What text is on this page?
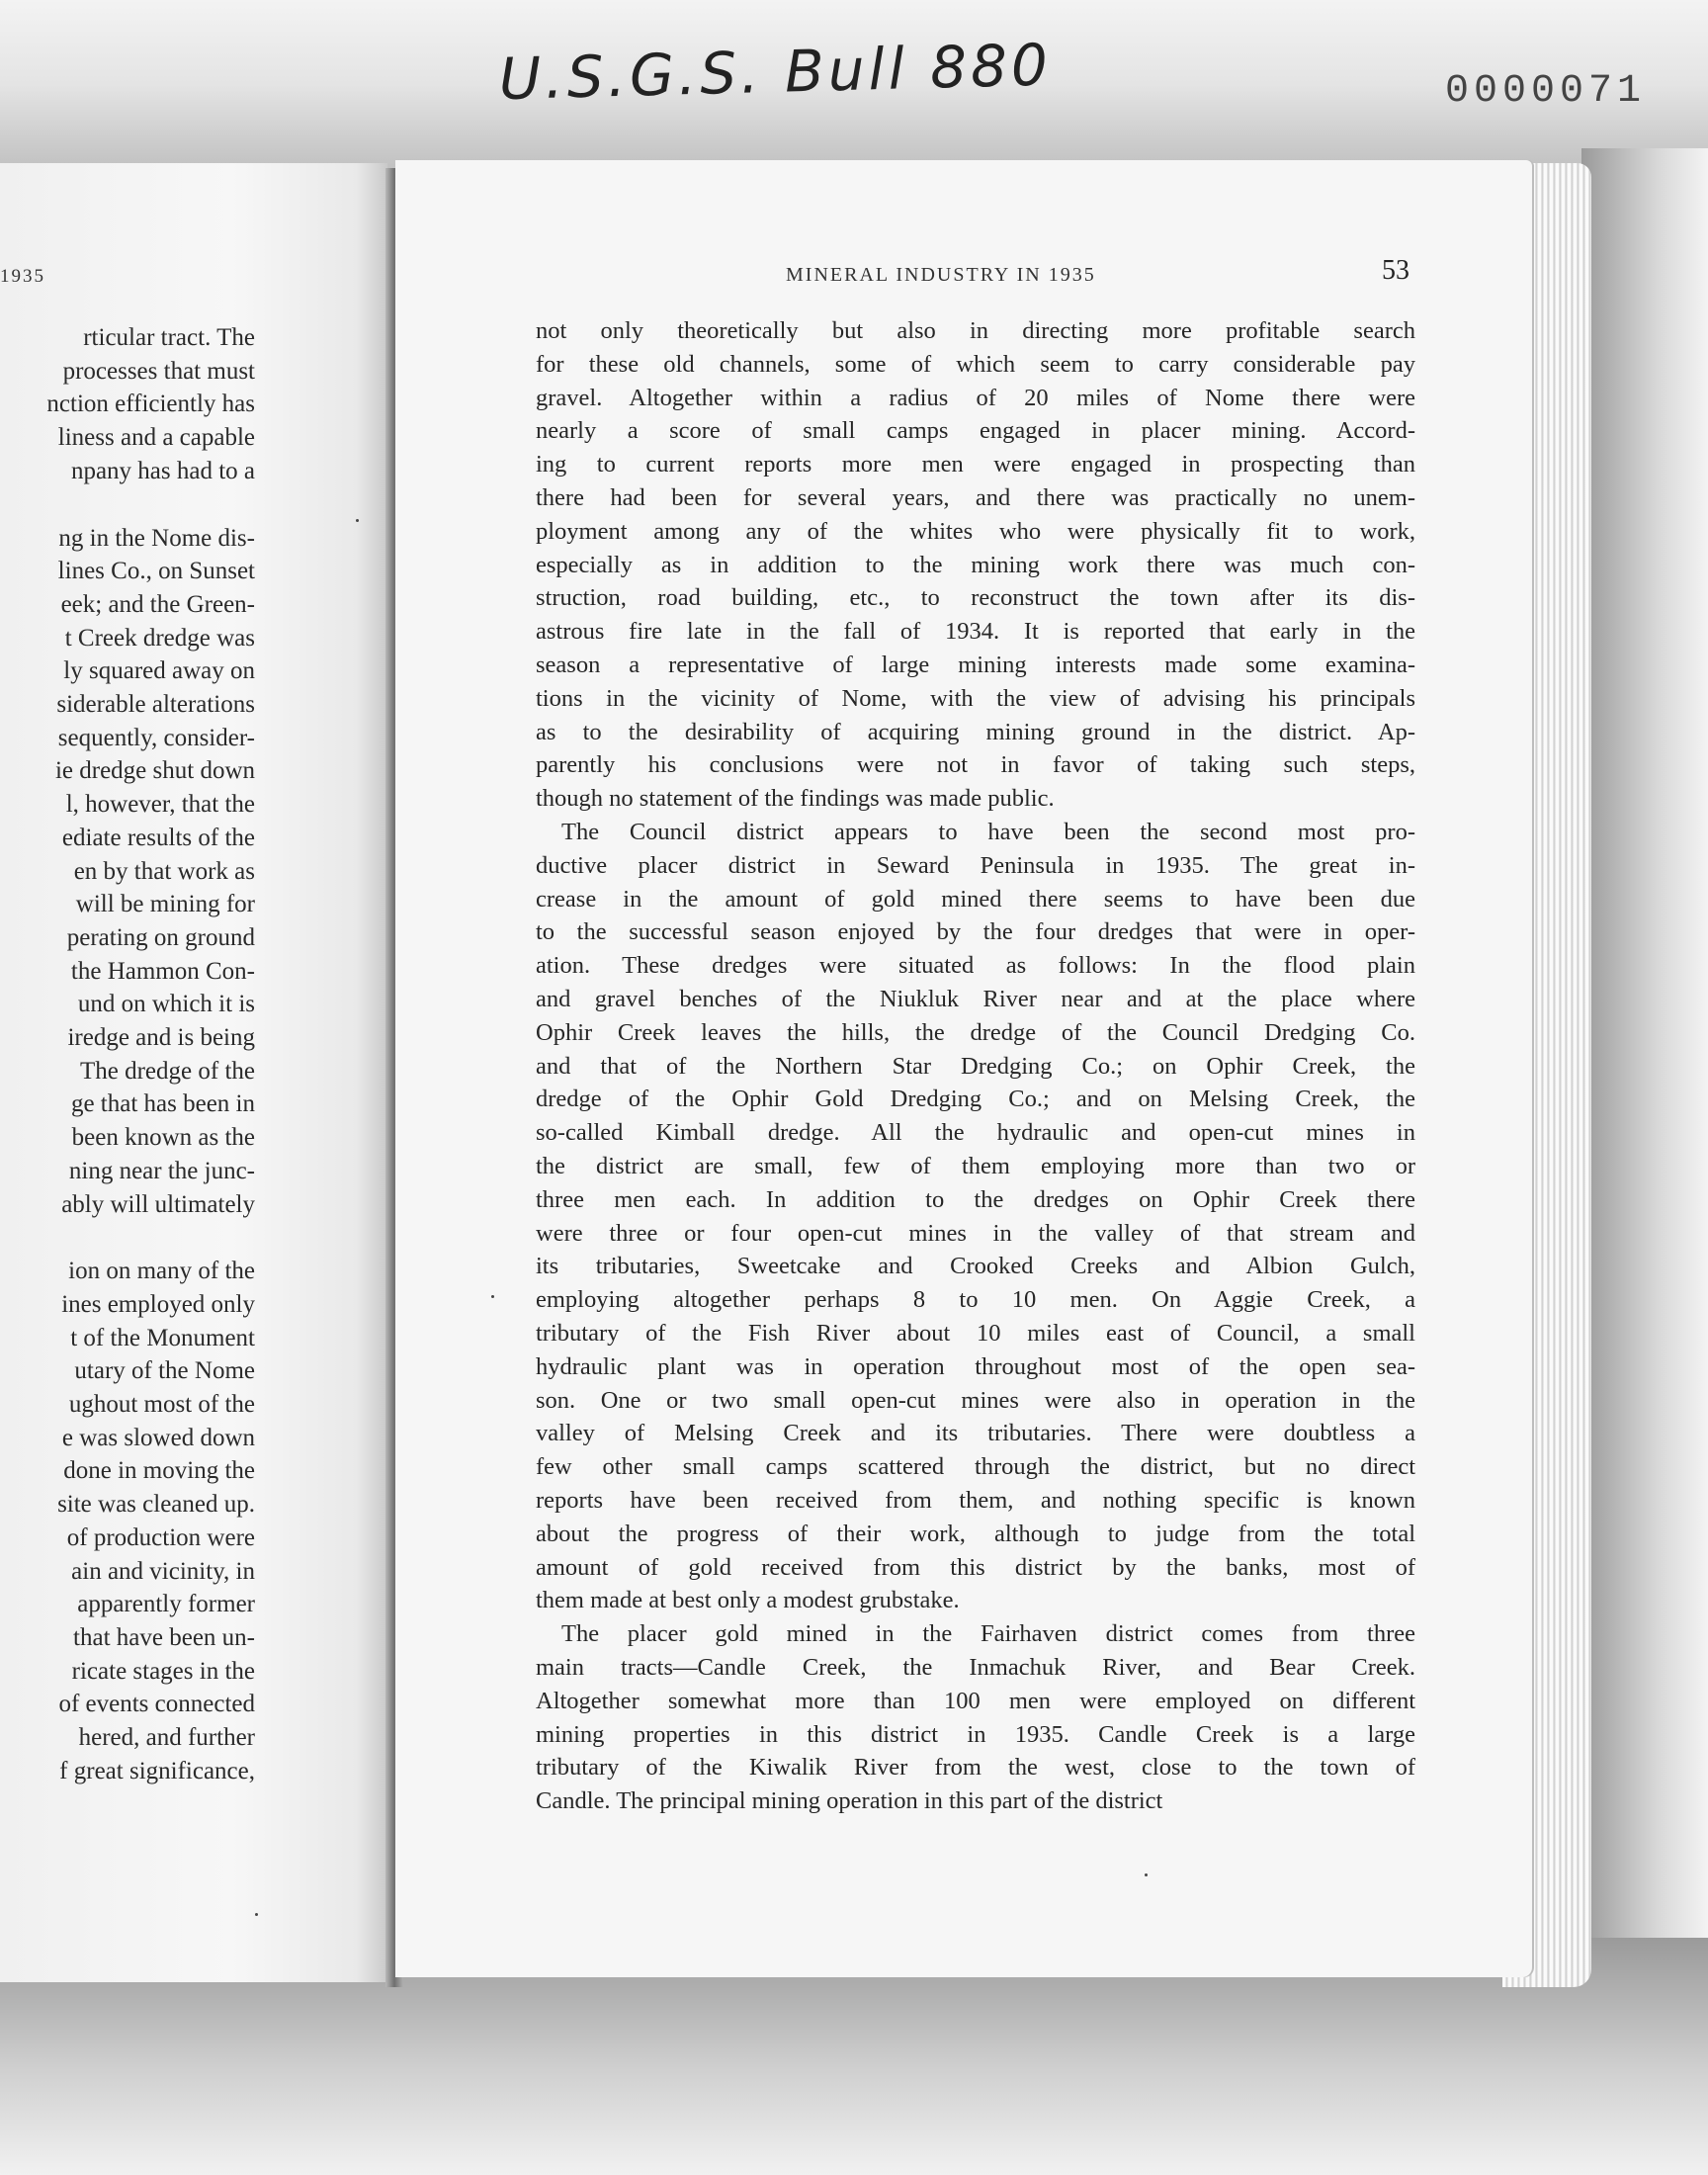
U.S.G.S. Bull 880	0000071
1935
rticular tract. The
processes that must
nction efficiently has
liness and a capable
npany has had to a
ng in the Nome dis-
lines Co., on Sunset
eek; and the Green-
t Creek dredge was
ly squared away on
siderable alterations
sequently, consider-
ie dredge shut down
l, however, that the
ediate results of the
en by that work as
will be mining for
perating on ground
the Hammon Con-
und on which it is
iredge and is being
The dredge of the
ge that has been in
been known as the
ning near the junc-
ably will ultimately
ion on many of the
ines employed only
t of the Monument
utary of the Nome
ughout most of the
e was slowed down
done in moving the
site was cleaned up.
of production were
ain and vicinity, in
apparently former
that have been un-
ricate stages in the
of events connected
hered, and further
f great significance,
MINERAL INDUSTRY IN 1935	53
not only theoretically but also in directing more profitable search
for these old channels, some of which seem to carry considerable pay
gravel. Altogether within a radius of 20 miles of Nome there were
nearly a score of small camps engaged in placer mining. Accord-
ing to current reports more men were engaged in prospecting than
there had been for several years, and there was practically no unem-
ployment among any of the whites who were physically fit to work,
especially as in addition to the mining work there was much con-
struction, road building, etc., to reconstruct the town after its dis-
astrous fire late in the fall of 1934. It is reported that early in the
season a representative of large mining interests made some examina-
tions in the vicinity of Nome, with the view of advising his principals
as to the desirability of acquiring mining ground in the district. Ap-
parently his conclusions were not in favor of taking such steps,
though no statement of the findings was made public.
The Council district appears to have been the second most pro-
ductive placer district in Seward Peninsula in 1935. The great in-
crease in the amount of gold mined there seems to have been due
to the successful season enjoyed by the four dredges that were in oper-
ation. These dredges were situated as follows: In the flood plain
and gravel benches of the Niukluk River near and at the place where
Ophir Creek leaves the hills, the dredge of the Council Dredging Co.
and that of the Northern Star Dredging Co.; on Ophir Creek, the
dredge of the Ophir Gold Dredging Co.; and on Melsing Creek, the
so-called Kimball dredge. All the hydraulic and open-cut mines in
the district are small, few of them employing more than two or
three men each. In addition to the dredges on Ophir Creek there
were three or four open-cut mines in the valley of that stream and
its tributaries, Sweetcake and Crooked Creeks and Albion Gulch,
employing altogether perhaps 8 to 10 men. On Aggie Creek, a
tributary of the Fish River about 10 miles east of Council, a small
hydraulic plant was in operation throughout most of the open sea-
son. One or two small open-cut mines were also in operation in the
valley of Melsing Creek and its tributaries. There were doubtless a
few other small camps scattered through the district, but no direct
reports have been received from them, and nothing specific is known
about the progress of their work, although to judge from the total
amount of gold received from this district by the banks, most of
them made at best only a modest grubstake.
The placer gold mined in the Fairhaven district comes from three
main tracts—Candle Creek, the Inmachuk River, and Bear Creek.
Altogether somewhat more than 100 men were employed on different
mining properties in this district in 1935. Candle Creek is a large
tributary of the Kiwalik River from the west, close to the town of
Candle. The principal mining operation in this part of the district
